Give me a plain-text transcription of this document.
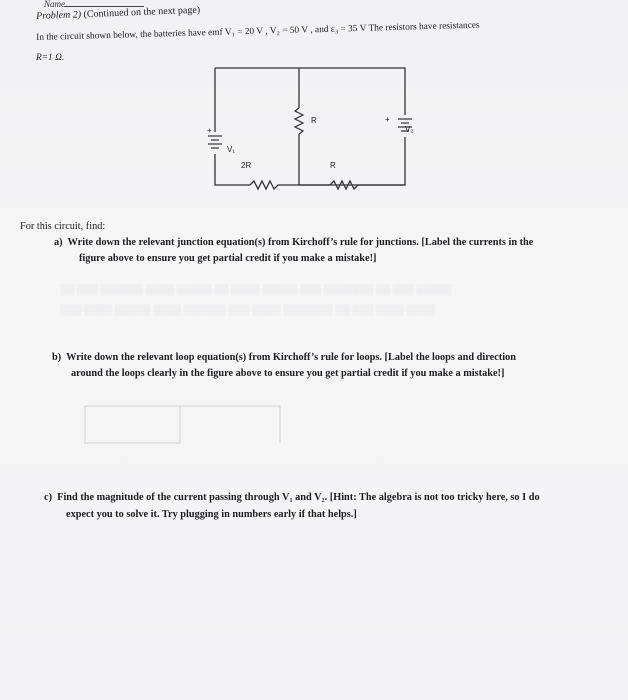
Name
Problem 2) (Continued on the next page)
In the circuit shown below, the batteries have emf V₁ = 20 V , V₂ = 50 V , and ε₃ = 35 V The resistors have resistances
R=1 Ω.
+
V₁
+
V₂
R
2R	R
For this circuit, find:
a) Write down the relevant junction equation(s) from Kirchoff’s rule for junctions. [Label the currents in the
figure above to ensure you get partial credit if you make a mistake!]
░░ ░░░ ░░░░░░ ░░░░ ░░░░░ ░░ ░░░░ ░░░░░ ░░░ ░░░░░░░ ░░ ░░░ ░░░░░
░░░ ░░░░ ░░░░░ ░░░░ ░░░░░░ ░░░ ░░░░ ░░░░░░░ ░░ ░░░ ░░░░ ░░░░
b) Write down the relevant loop equation(s) from Kirchoff’s rule for loops. [Label the loops and direction
around the loops clearly in the figure above to ensure you get partial credit if you make a mistake!]
c) Find the magnitude of the current passing through V₁ and V₂. [Hint: The algebra is not too tricky here, so I do
expect you to solve it. Try plugging in numbers early if that helps.]
